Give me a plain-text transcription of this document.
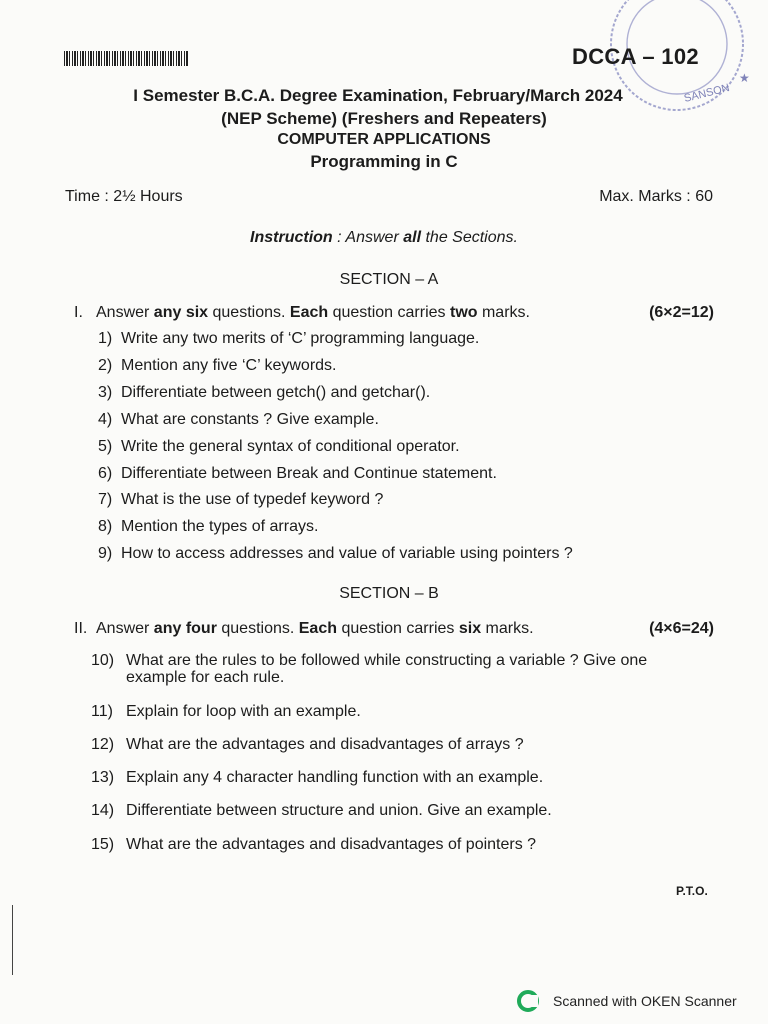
SANSON
★
DCCA – 102
I Semester B.C.A. Degree Examination, February/March 2024
(NEP Scheme) (Freshers and Repeaters)
COMPUTER APPLICATIONS
Programming in C
Time : 2½ Hours	Max. Marks : 60
Instruction : Answer all the Sections.
SECTION – A
I. Answer any six questions. Each question carries two marks.	(6×2=12)
1) Write any two merits of ‘C’ programming language.
2) Mention any five ‘C’ keywords.
3) Differentiate between getch() and getchar().
4) What are constants ? Give example.
5) Write the general syntax of conditional operator.
6) Differentiate between Break and Continue statement.
7) What is the use of typedef keyword ?
8) Mention the types of arrays.
9) How to access addresses and value of variable using pointers ?
SECTION – B
II. Answer any four questions. Each question carries six marks.	(4×6=24)
10) What are the rules to be followed while constructing a variable ? Give one example for each rule.
11) Explain for loop with an example.
12) What are the advantages and disadvantages of arrays ?
13) Explain any 4 character handling function with an example.
14) Differentiate between structure and union. Give an example.
15) What are the advantages and disadvantages of pointers ?
P.T.O.
Scanned with OKEN Scanner
